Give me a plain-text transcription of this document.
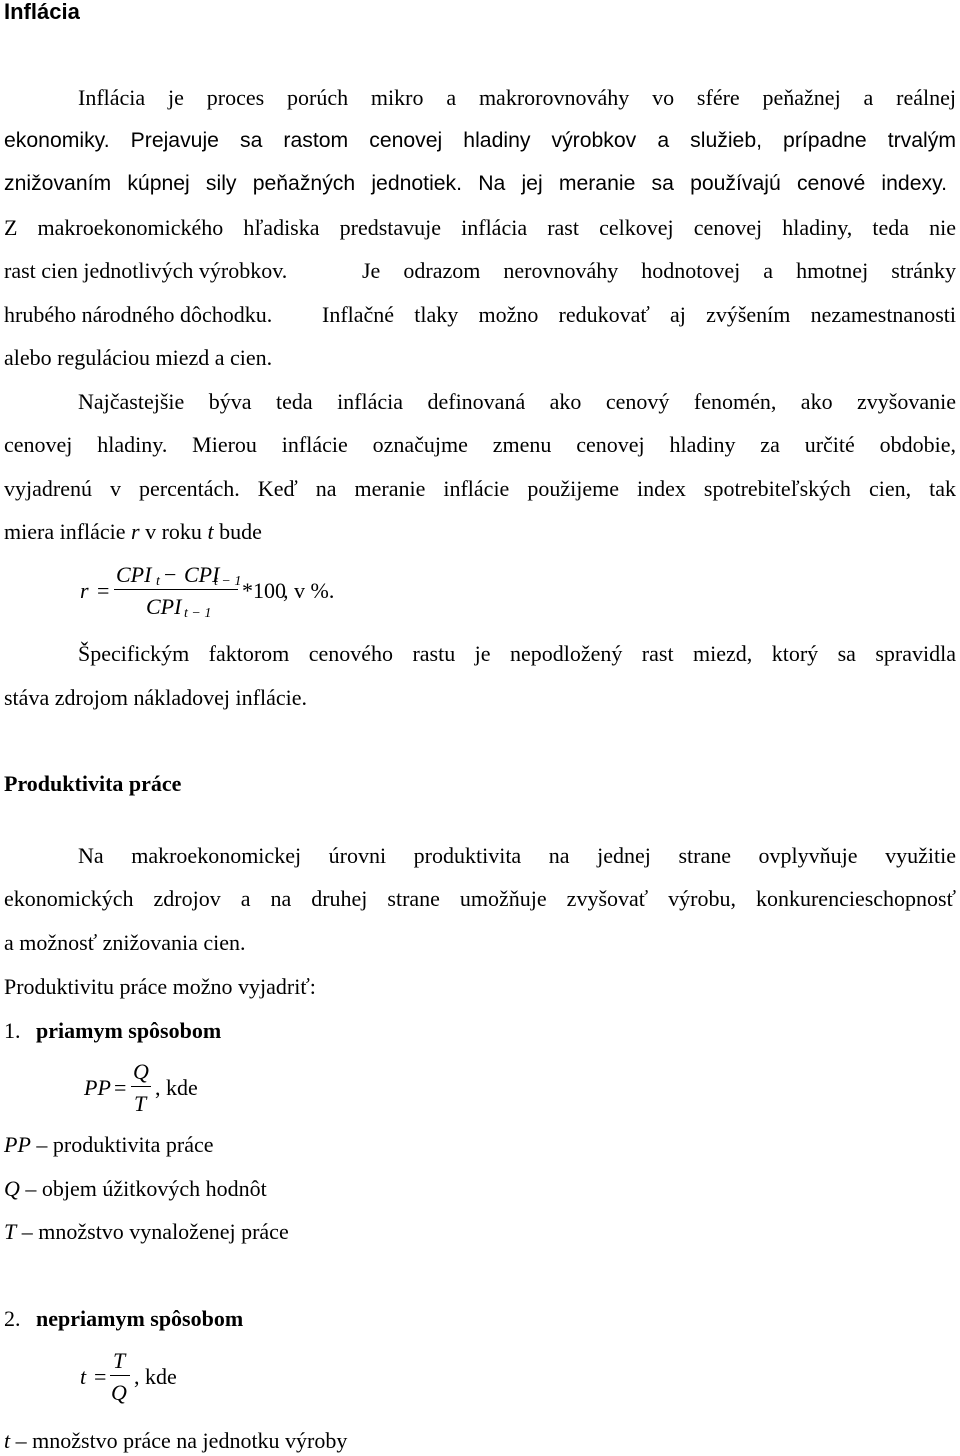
Inflácia
Inflácia je proces porúch mikro a makrorovnováhy vo sfére peňažnej a reálnej
ekonomiky. Prejavuje sa rastom cenovej hladiny výrobkov a služieb, prípadne trvalým
znižovaním kúpnej sily peňažných jednotiek. Na jej meranie sa používajú cenové indexy.
Z makroekonomického hľadiska predstavuje inflácia rast celkovej cenovej hladiny, teda nie
rast cien jednotlivých výrobkov.	Je odrazom nerovnováhy hodnotovej a hmotnej stránky
hrubého národného dôchodku.	Inflačné tlaky možno redukovať aj zvýšením nezamestnanosti
alebo reguláciou miezd a cien.
Najčastejšie býva teda inflácia definovaná ako cenový fenomén, ako zvyšovanie
cenovej hladiny. Mierou inflácie označujme zmenu cenovej hladiny za určité obdobie,
vyjadrenú v percentách. Keď na meranie inflácie použijeme index spotrebiteľských cien, tak
miera inflácie r v roku t bude
r =
CPI t − CPI
t − 1
CPI t − 1
*100
, v %.
Špecifickým faktorom cenového rastu je nepodložený rast miezd, ktorý sa spravidla
stáva zdrojom nákladovej inflácie.
Produktivita práce
Na makroekonomickej úrovni produktivita na jednej strane ovplyvňuje využitie
ekonomických zdrojov a na druhej strane umožňuje zvyšovať výrobu, konkurencieschopnosť
a možnosť znižovania cien.
Produktivitu práce možno vyjadriť:
1. priamym spôsobom
PP =
Q
T
, kde
PP – produktivita práce
Q – objem úžitkových hodnôt
T – množstvo vynaloženej práce
2. nepriamym spôsobom
t =
T
Q
, kde
t – množstvo práce na jednotku výroby
